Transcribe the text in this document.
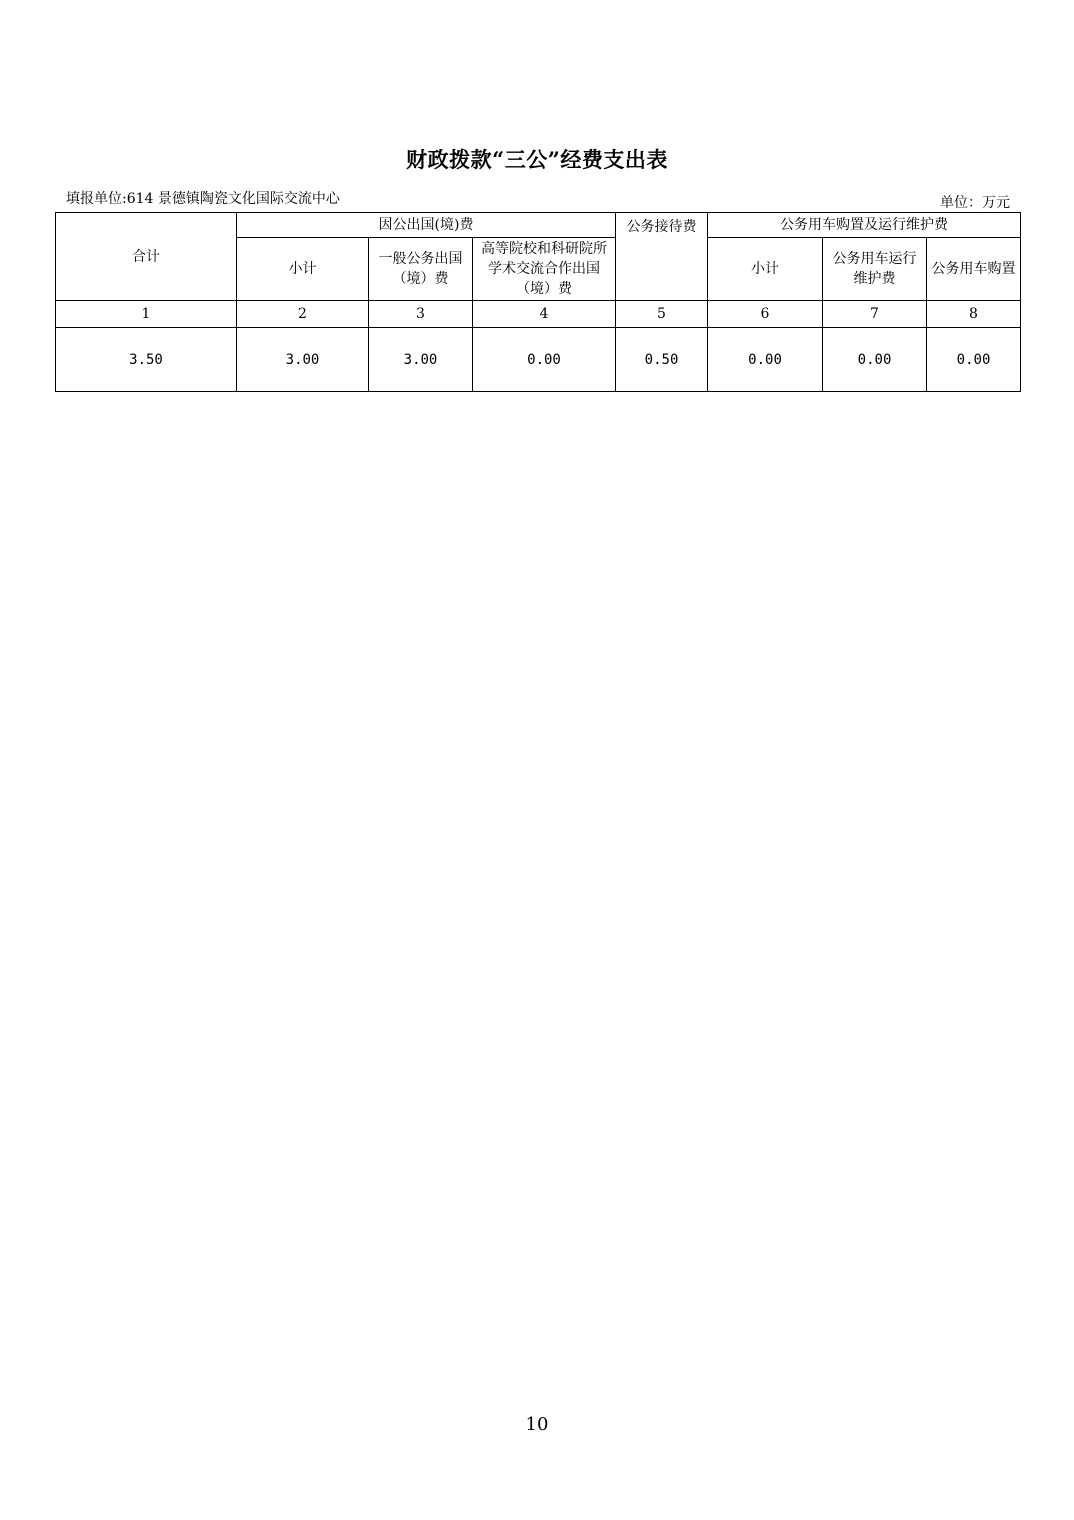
财政拨款“三公”经费支出表
填报单位:614 景德镇陶瓷文化国际交流中心	单位：万元
合计	因公出国(境)费			公务接待费	公务用车购置及运行维护费		
	小计	一般公务出国（境）费	高等院校和科研院所学术交流合作出国（境）费		小计	公务用车运行维护费	公务用车购置
1	2	3	4	5	6	7	8
3.50	3.00	3.00	0.00	0.50	0.00	0.00	0.00
10
